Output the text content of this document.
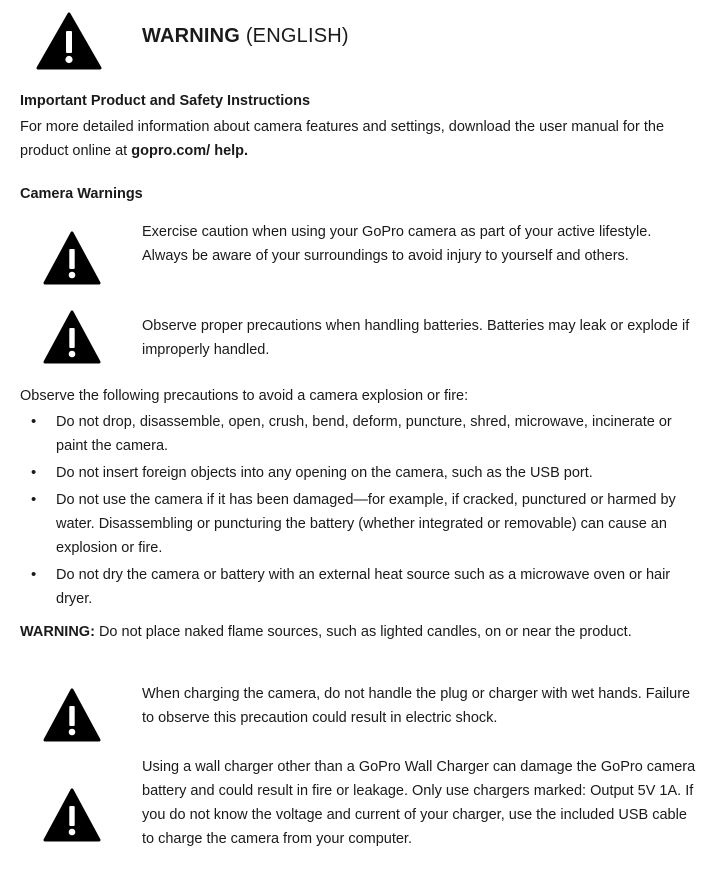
WARNING (ENGLISH)
Important Product and Safety Instructions
For more detailed information about camera features and settings, download the user manual for the product online at gopro.com/ help.
Camera Warnings
Exercise caution when using your GoPro camera as part of your active lifestyle. Always be aware of your surroundings to avoid injury to yourself and others.
Observe proper precautions when handling batteries. Batteries may leak or explode if improperly handled.
Observe the following precautions to avoid a camera explosion or fire:
• Do not drop, disassemble, open, crush, bend, deform, puncture, shred, microwave, incinerate or paint the camera.
• Do not insert foreign objects into any opening on the camera, such as the USB port.
• Do not use the camera if it has been damaged—for example, if cracked, punctured or harmed by water. Disassembling or puncturing the battery (whether integrated or removable) can cause an explosion or fire.
• Do not dry the camera or battery with an external heat source such as a microwave oven or hair dryer.
WARNING: Do not place naked flame sources, such as lighted candles, on or near the product.
When charging the camera, do not handle the plug or charger with wet hands. Failure to observe this precaution could result in electric shock.
Using a wall charger other than a GoPro Wall Charger can damage the GoPro camera battery and could result in fire or leakage. Only use chargers marked: Output 5V 1A. If you do not know the voltage and current of your charger, use the included USB cable to charge the camera from your computer.
